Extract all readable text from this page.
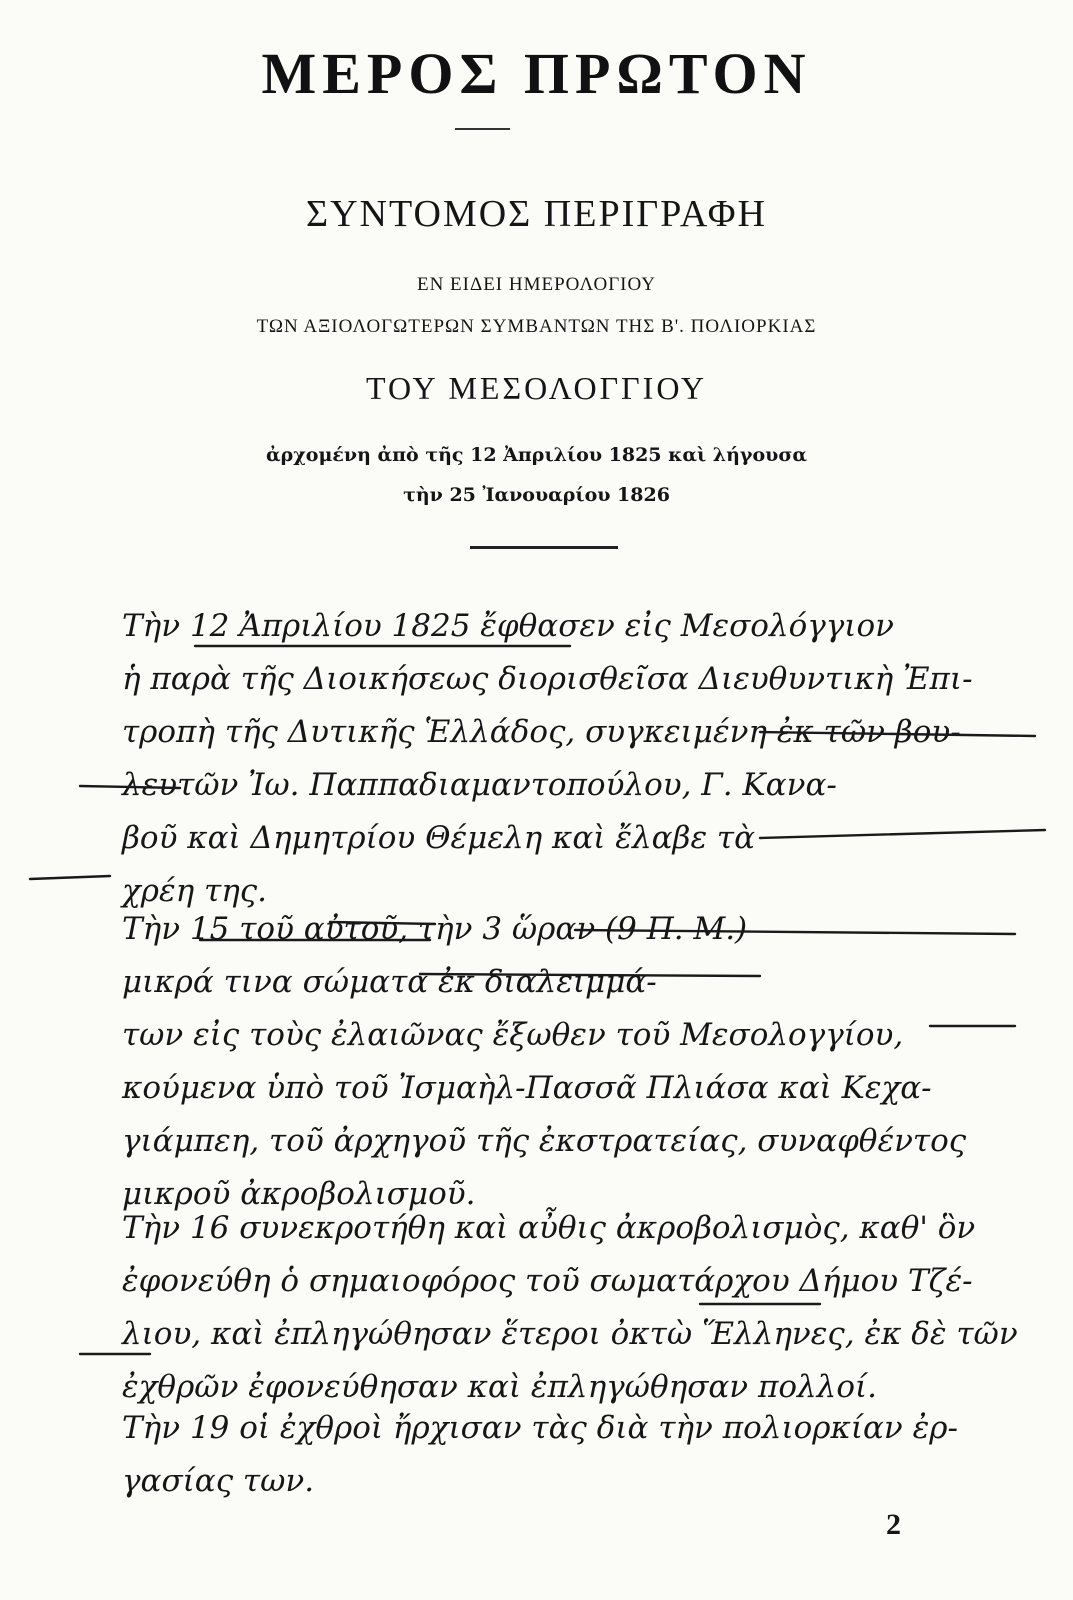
ΜΕΡΟΣ ΠΡΩΤΟΝ
ΣΥΝΤΟΜΟΣ ΠΕΡΙΓΡΑΦΗ
ΕΝ ΕΙΔΕΙ ΗΜΕΡΟΛΟΓΙΟΥ
ΤΩΝ ΑΞΙΟΛΟΓΩΤΕΡΩΝ ΣΥΜΒΑΝΤΩΝ ΤΗΣ Β'. ΠΟΛΙΟΡΚΙΑΣ
ΤΟΥ ΜΕΣΟΛΟΓΓΙΟΥ
ἀρχομένη ἀπὸ τῆς 12 Ἀπριλίου 1825 καὶ λήγουσα
τὴν 25 Ἰανουαρίου 1826
Τὴν 12 Ἀπριλίου 1825 ἔφθασεν εἰς Μεσολόγγιον
ἡ παρὰ τῆς Διοικήσεως διορισθεῖσα Διευθυντικὴ Ἐπι-
τροπὴ τῆς Δυτικῆς Ἑλλάδος, συγκειμένη ἐκ τῶν βου-
λευτῶν Ἰω. Παππαδιαμαντοπούλου, Γ. Κανα-
βοῦ καὶ Δημητρίου Θέμελη καὶ ἔλαβε τὰ
χρέη της.
Τὴν 15 τοῦ αὐτοῦ, τὴν 3 ὥραν (9 Π. Μ.)
μικρά τινα σώματα ἐκ διαλειμμά-
των εἰς τοὺς ἐλαιῶνας ἔξωθεν τοῦ Μεσολογγίου,
κούμενα ὑπὸ τοῦ Ἰσμαὴλ-Πασσᾶ Πλιάσα καὶ Κεχα-
γιάμπεη, τοῦ ἀρχηγοῦ τῆς ἐκστρατείας, συναφθέντος
μικροῦ ἀκροβολισμοῦ.
Τὴν 16 συνεκροτήθη καὶ αὖθις ἀκροβολισμὸς, καθ' ὃν
ἐφονεύθη ὁ σημαιοφόρος τοῦ σωματάρχου Δήμου Τζέ-
λιου, καὶ ἐπληγώθησαν ἕτεροι ὀκτὼ Ἕλληνες, ἐκ δὲ τῶν
ἐχθρῶν ἐφονεύθησαν καὶ ἐπληγώθησαν πολλοί.
Τὴν 19 οἱ ἐχθροὶ ἤρχισαν τὰς διὰ τὴν πολιορκίαν ἐρ-
γασίας των.
2
